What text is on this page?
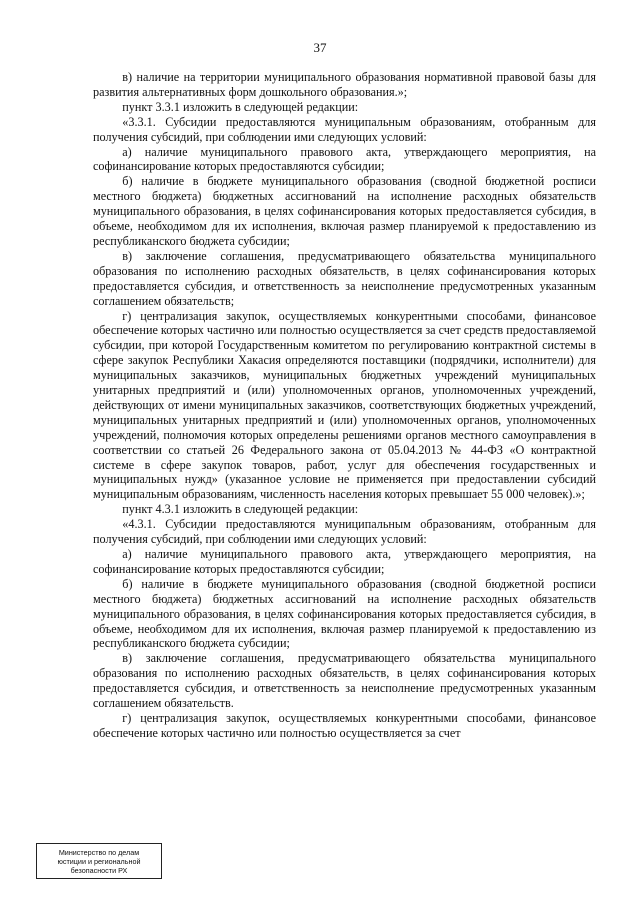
37

в) наличие на территории муниципального образования нормативной правовой базы для развития альтернативных форм дошкольного образования.»;

пункт 3.3.1 изложить в следующей редакции:

«3.3.1. Субсидии предоставляются муниципальным образованиям, отобранным для получения субсидий, при соблюдении ими следующих условий:

а) наличие муниципального правового акта, утверждающего мероприятия, на софинансирование которых предоставляются субсидии;

б) наличие в бюджете муниципального образования (сводной бюджетной росписи местного бюджета) бюджетных ассигнований на исполнение расходных обязательств муниципального образования, в целях софинансирования которых предоставляется субсидия, в объеме, необходимом для их исполнения, включая размер планируемой к предоставлению из республиканского бюджета субсидии;

в) заключение соглашения, предусматривающего обязательства муниципального образования по исполнению расходных обязательств, в целях софинансирования которых предоставляется субсидия, и ответственность за неисполнение предусмотренных указанным соглашением обязательств;

г) централизация закупок, осуществляемых конкурентными способами, финансовое обеспечение которых частично или полностью осуществляется за счет средств предоставляемой субсидии, при которой Государственным комитетом по регулированию контрактной системы в сфере закупок Республики Хакасия определяются поставщики (подрядчики, исполнители) для муниципальных заказчиков, муниципальных бюджетных учреждений муниципальных унитарных предприятий и (или) уполномоченных органов, уполномоченных учреждений, действующих от имени муниципальных заказчиков, соответствующих бюджетных учреждений, муниципальных унитарных предприятий и (или) уполномоченных органов, уполномоченных учреждений, полномочия которых определены решениями органов местного самоуправления в соответствии со статьей 26 Федерального закона от 05.04.2013 № 44-ФЗ «О контрактной системе в сфере закупок товаров, работ, услуг для обеспечения государственных и муниципальных нужд» (указанное условие не применяется при предоставлении субсидий муниципальным образованиям, численность населения которых превышает 55 000 человек).»;

пункт 4.3.1 изложить в следующей редакции:

«4.3.1. Субсидии предоставляются муниципальным образованиям, отобранным для получения субсидий, при соблюдении ими следующих условий:

а) наличие муниципального правового акта, утверждающего мероприятия, на софинансирование которых предоставляются субсидии;

б) наличие в бюджете муниципального образования (сводной бюджетной росписи местного бюджета) бюджетных ассигнований на исполнение расходных обязательств муниципального образования, в целях софинансирования которых предоставляется субсидия, в объеме, необходимом для их исполнения, включая размер планируемой к предоставлению из республиканского бюджета субсидии;

в) заключение соглашения, предусматривающего обязательства муниципального образования по исполнению расходных обязательств, в целях софинансирования которых предоставляется субсидия, и ответственность за неисполнение предусмотренных указанным соглашением обязательств.

г) централизация закупок, осуществляемых конкурентными способами, финансовое обеспечение которых частично или полностью осуществляется за счет

Министерство по делам
юстиции и региональной
безопасности РХ
